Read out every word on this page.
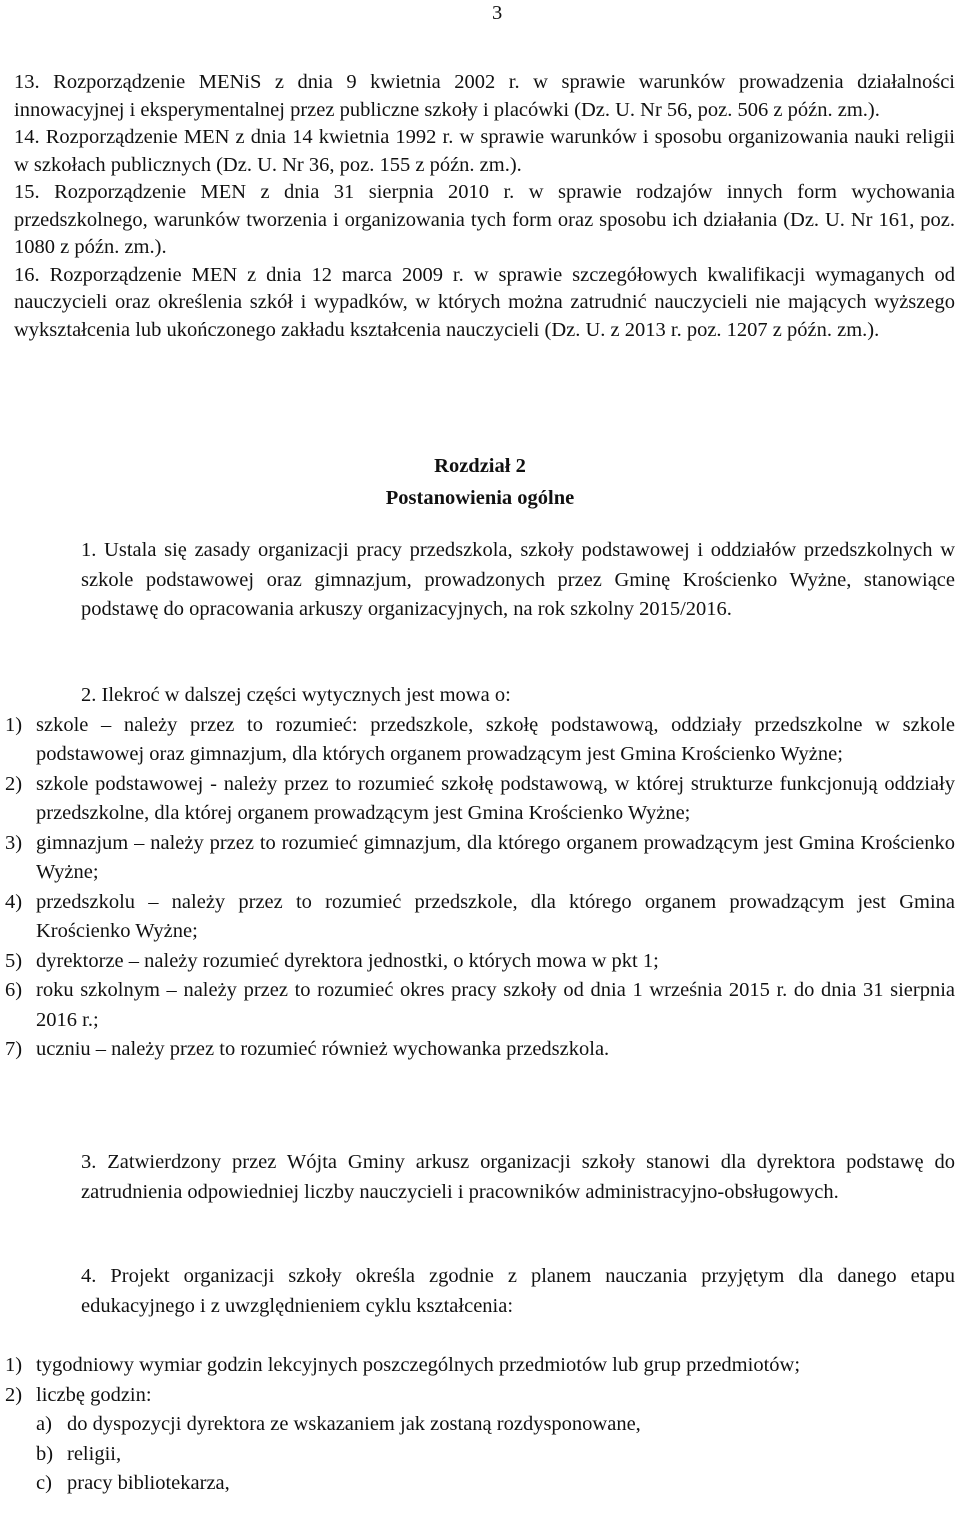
3
13. Rozporządzenie MENiS z dnia 9 kwietnia 2002 r. w sprawie warunków prowadzenia działalności innowacyjnej i eksperymentalnej przez publiczne szkoły i placówki (Dz. U. Nr 56, poz. 506 z późn. zm.).
14. Rozporządzenie MEN z dnia 14 kwietnia 1992 r. w sprawie warunków i sposobu organizowania nauki religii w szkołach publicznych (Dz. U. Nr 36, poz. 155 z późn. zm.).
15. Rozporządzenie MEN z dnia 31 sierpnia 2010 r. w sprawie rodzajów innych form wychowania przedszkolnego, warunków tworzenia i organizowania tych form oraz sposobu ich działania (Dz. U. Nr 161, poz. 1080 z późn. zm.).
16. Rozporządzenie MEN z dnia 12 marca 2009 r. w sprawie szczegółowych kwalifikacji wymaganych od nauczycieli oraz określenia szkół i wypadków, w których można zatrudnić nauczycieli nie mających wyższego wykształcenia lub ukończonego zakładu kształcenia nauczycieli (Dz. U. z 2013 r. poz. 1207 z późn. zm.).
Rozdział 2
Postanowienia ogólne
1. Ustala się zasady organizacji pracy przedszkola, szkoły podstawowej i oddziałów przedszkolnych w szkole podstawowej oraz gimnazjum, prowadzonych przez Gminę Krościenko Wyżne, stanowiące podstawę do opracowania arkuszy organizacyjnych, na rok szkolny 2015/2016.
2. Ilekroć w dalszej części wytycznych jest mowa o:
1) szkole – należy przez to rozumieć: przedszkole, szkołę podstawową, oddziały przedszkolne w szkole podstawowej oraz gimnazjum, dla których organem prowadzącym jest Gmina Krościenko Wyżne;
2) szkole podstawowej - należy przez to rozumieć szkołę podstawową, w której strukturze funkcjonują oddziały przedszkolne, dla której organem prowadzącym jest Gmina Krościenko Wyżne;
3) gimnazjum – należy przez to rozumieć gimnazjum, dla którego organem prowadzącym jest Gmina Krościenko Wyżne;
4) przedszkolu – należy przez to rozumieć przedszkole, dla którego organem prowadzącym jest Gmina Krościenko Wyżne;
5) dyrektorze – należy rozumieć dyrektora jednostki, o których mowa w pkt 1;
6) roku szkolnym – należy przez to rozumieć okres pracy szkoły od dnia 1 września 2015 r. do dnia 31 sierpnia 2016 r.;
7) uczniu – należy przez to rozumieć również wychowanka przedszkola.
3. Zatwierdzony przez Wójta Gminy arkusz organizacji szkoły stanowi dla dyrektora podstawę do zatrudnienia odpowiedniej liczby nauczycieli i pracowników administracyjno-obsługowych.
4. Projekt organizacji szkoły określa zgodnie z planem nauczania przyjętym dla danego etapu edukacyjnego i z uwzględnieniem cyklu kształcenia:
1) tygodniowy wymiar godzin lekcyjnych poszczególnych przedmiotów lub grup przedmiotów;
2) liczbę godzin:
a) do dyspozycji dyrektora ze wskazaniem jak zostaną rozdysponowane,
b) religii,
c) pracy bibliotekarza,
